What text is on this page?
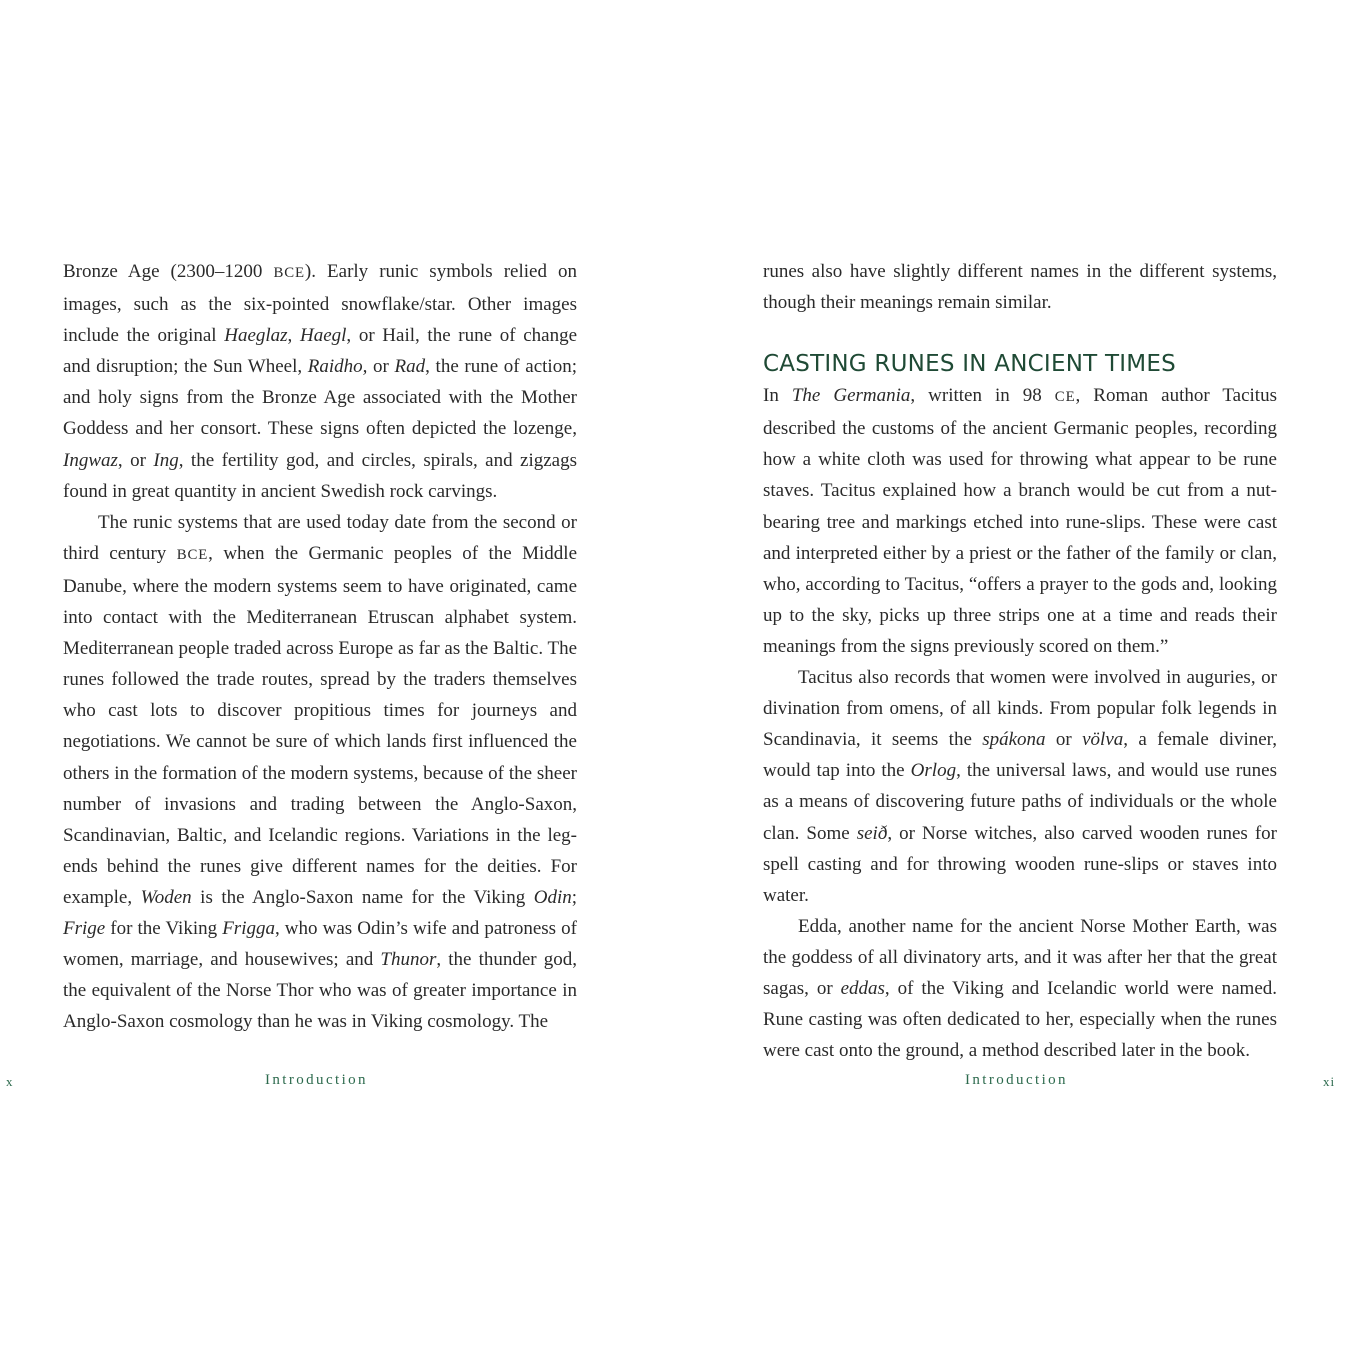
Bronze Age (2300–1200 BCE). Early runic symbols relied on images, such as the six-pointed snowflake/star. Other images include the original Haeglaz, Haegl, or Hail, the rune of change and disruption; the Sun Wheel, Raidho, or Rad, the rune of action; and holy signs from the Bronze Age associated with the Mother Goddess and her consort. These signs often depicted the lozenge, Ingwaz, or Ing, the fertility god, and circles, spirals, and zigzags found in great quantity in ancient Swedish rock carvings.

The runic systems that are used today date from the second or third century BCE, when the Germanic peoples of the Middle Danube, where the modern systems seem to have originated, came into contact with the Mediterranean Etruscan alphabet system. Mediterranean people traded across Europe as far as the Baltic. The runes followed the trade routes, spread by the traders themselves who cast lots to discover propitious times for journeys and negotiations. We cannot be sure of which lands first influenced the others in the formation of the modern systems, because of the sheer number of invasions and trading between the Anglo-Saxon, Scandinavian, Baltic, and Icelandic regions. Variations in the legends behind the runes give different names for the deities. For example, Woden is the Anglo-Saxon name for the Viking Odin; Frige for the Viking Frigga, who was Odin’s wife and patroness of women, marriage, and housewives; and Thunor, the thunder god, the equivalent of the Norse Thor who was of greater importance in Anglo-Saxon cosmology than he was in Viking cosmology. The

runes also have slightly different names in the different systems, though their meanings remain similar.

CASTING RUNES IN ANCIENT TIMES

In The Germania, written in 98 CE, Roman author Tacitus described the customs of the ancient Germanic peoples, recording how a white cloth was used for throwing what appear to be rune staves. Tacitus explained how a branch would be cut from a nut-bearing tree and markings etched into rune-slips. These were cast and interpreted either by a priest or the father of the family or clan, who, according to Tacitus, “offers a prayer to the gods and, looking up to the sky, picks up three strips one at a time and reads their meanings from the signs previously scored on them.”

Tacitus also records that women were involved in auguries, or divination from omens, of all kinds. From popular folk legends in Scandinavia, it seems the spákona or völva, a female diviner, would tap into the Orlog, the universal laws, and would use runes as a means of discovering future paths of individuals or the whole clan. Some seið, or Norse witches, also carved wooden runes for spell casting and for throwing wooden rune-slips or staves into water.

Edda, another name for the ancient Norse Mother Earth, was the goddess of all divinatory arts, and it was after her that the great sagas, or eddas, of the Viking and Icelandic world were named. Rune casting was often dedicated to her, especially when the runes were cast onto the ground, a method described later in the book.

x	Introduction	Introduction	xi
